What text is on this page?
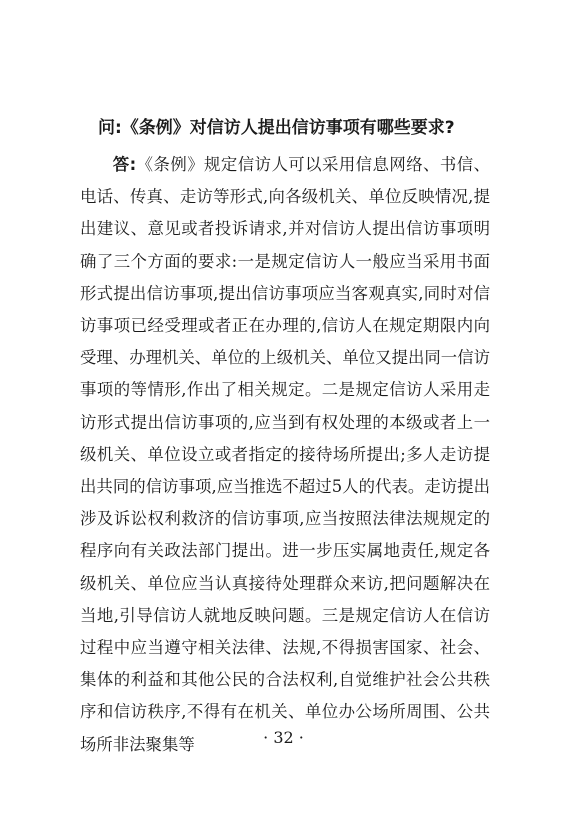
问:《条例》对信访人提出信访事项有哪些要求?

答:《条例》规定信访人可以采用信息网络、书信、电话、传真、走访等形式,向各级机关、单位反映情况,提出建议、意见或者投诉请求,并对信访人提出信访事项明确了三个方面的要求:一是规定信访人一般应当采用书面形式提出信访事项,提出信访事项应当客观真实,同时对信访事项已经受理或者正在办理的,信访人在规定期限内向受理、办理机关、单位的上级机关、单位又提出同一信访事项的等情形,作出了相关规定。二是规定信访人采用走访形式提出信访事项的,应当到有权处理的本级或者上一级机关、单位设立或者指定的接待场所提出;多人走访提出共同的信访事项,应当推选不超过5人的代表。走访提出涉及诉讼权利救济的信访事项,应当按照法律法规规定的程序向有关政法部门提出。进一步压实属地责任,规定各级机关、单位应当认真接待处理群众来访,把问题解决在当地,引导信访人就地反映问题。三是规定信访人在信访过程中应当遵守相关法律、法规,不得损害国家、社会、集体的利益和其他公民的合法权利,自觉维护社会公共秩序和信访秩序,不得有在机关、单位办公场所周围、公共场所非法聚集等	· 32 ·
